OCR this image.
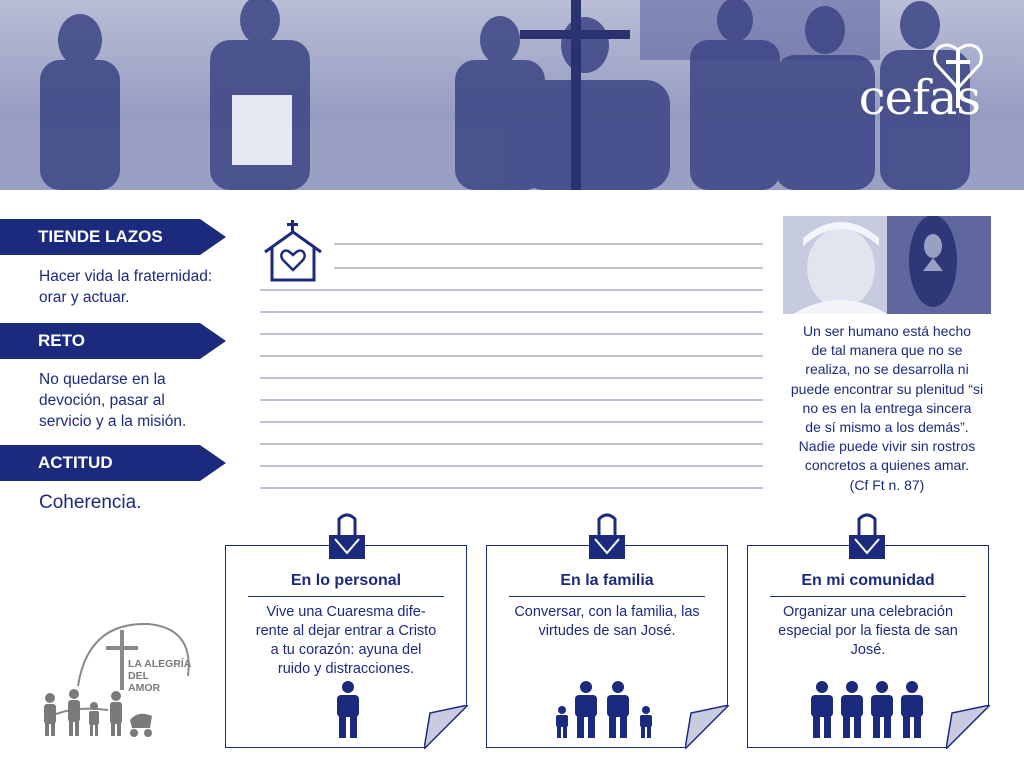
cefas
TIENDE LAZOS
Hacer vida la fraternidad:
orar y actuar.
RETO
No quedarse en la
devoción, pasar al
servicio y a la misión.
ACTITUD
Coherencia.
Un ser humano está hecho
de tal manera que no se
realiza, no se desarrolla ni
puede encontrar su plenitud “si
no es en la entrega sincera
de sí mismo a los demás”.
Nadie puede vivir sin rostros
concretos a quienes amar.
(Cf Ft n. 87)
En lo personal
Vive una Cuaresma dife-
rente al dejar entrar a Cristo
a tu corazón: ayuna del
ruido y distracciones.
En la familia
Conversar, con la familia, las
virtudes de san José.
En mi comunidad
Organizar una celebración
especial por la fiesta de san
José.
LA ALEGRÍA
DEL
AMOR
